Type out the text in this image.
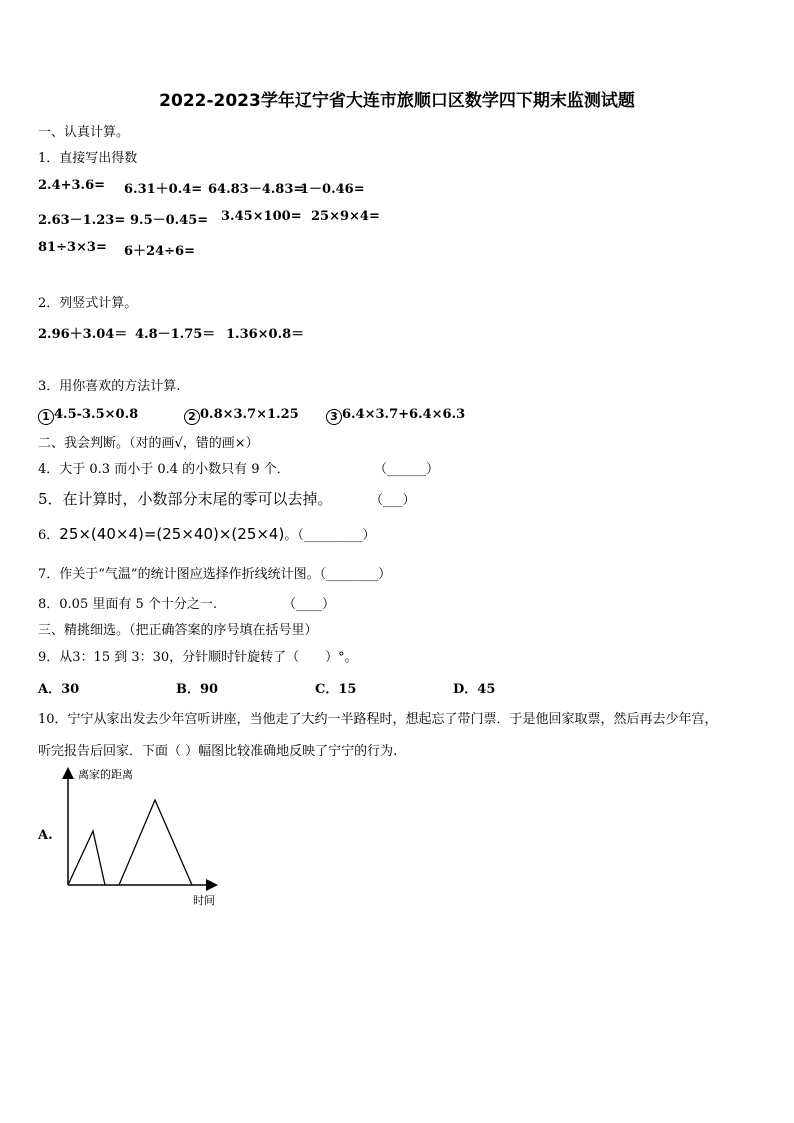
2022-2023学年辽宁省大连市旅顺口区数学四下期末监测试题
一、认真计算。
1．直接写出得数
2.4+3.6= 6.31＋0.4= 64.83－4.83=
1－0.46=
2.63－1.23= 9.5－0.45= 3.45×100= 25×9×4=
81÷3×3= 6＋24÷6=
2．列竖式计算。
2.96＋3.04＝ 4.8－1.75＝ 1.36×0.8＝
3．用你喜欢的方法计算.
1 4.5-3.5×0.8	2 0.8×3.7×1.25	3 6.4×3.7+6.4×6.3
二、我会判断。（对的画√，错的画×）
4．大于 0.3 而小于 0.4 的小数只有 9 个．	（______）
5．在计算时，小数部分末尾的零可以去掉。	（___）
6．25×(40×4)=(25×40)×(25×4)。（_________）
7．作关于“气温”的统计图应选择作折线统计图。（________）
8．0.05 里面有 5 个十分之一.	（____）
三、精挑细选。（把正确答案的序号填在括号里）
9．从3：15 到 3：30，分针顺时针旋转了（　　）°。
A．30	B．90	C．15	D．45
10．宁宁从家出发去少年宫听讲座，当他走了大约一半路程时，想起忘了带门票．于是他回家取票，然后再去少年宫，
听完报告后回家．下面（ ）幅图比较准确地反映了宁宁的行为.
A.
离家的距离
时间
